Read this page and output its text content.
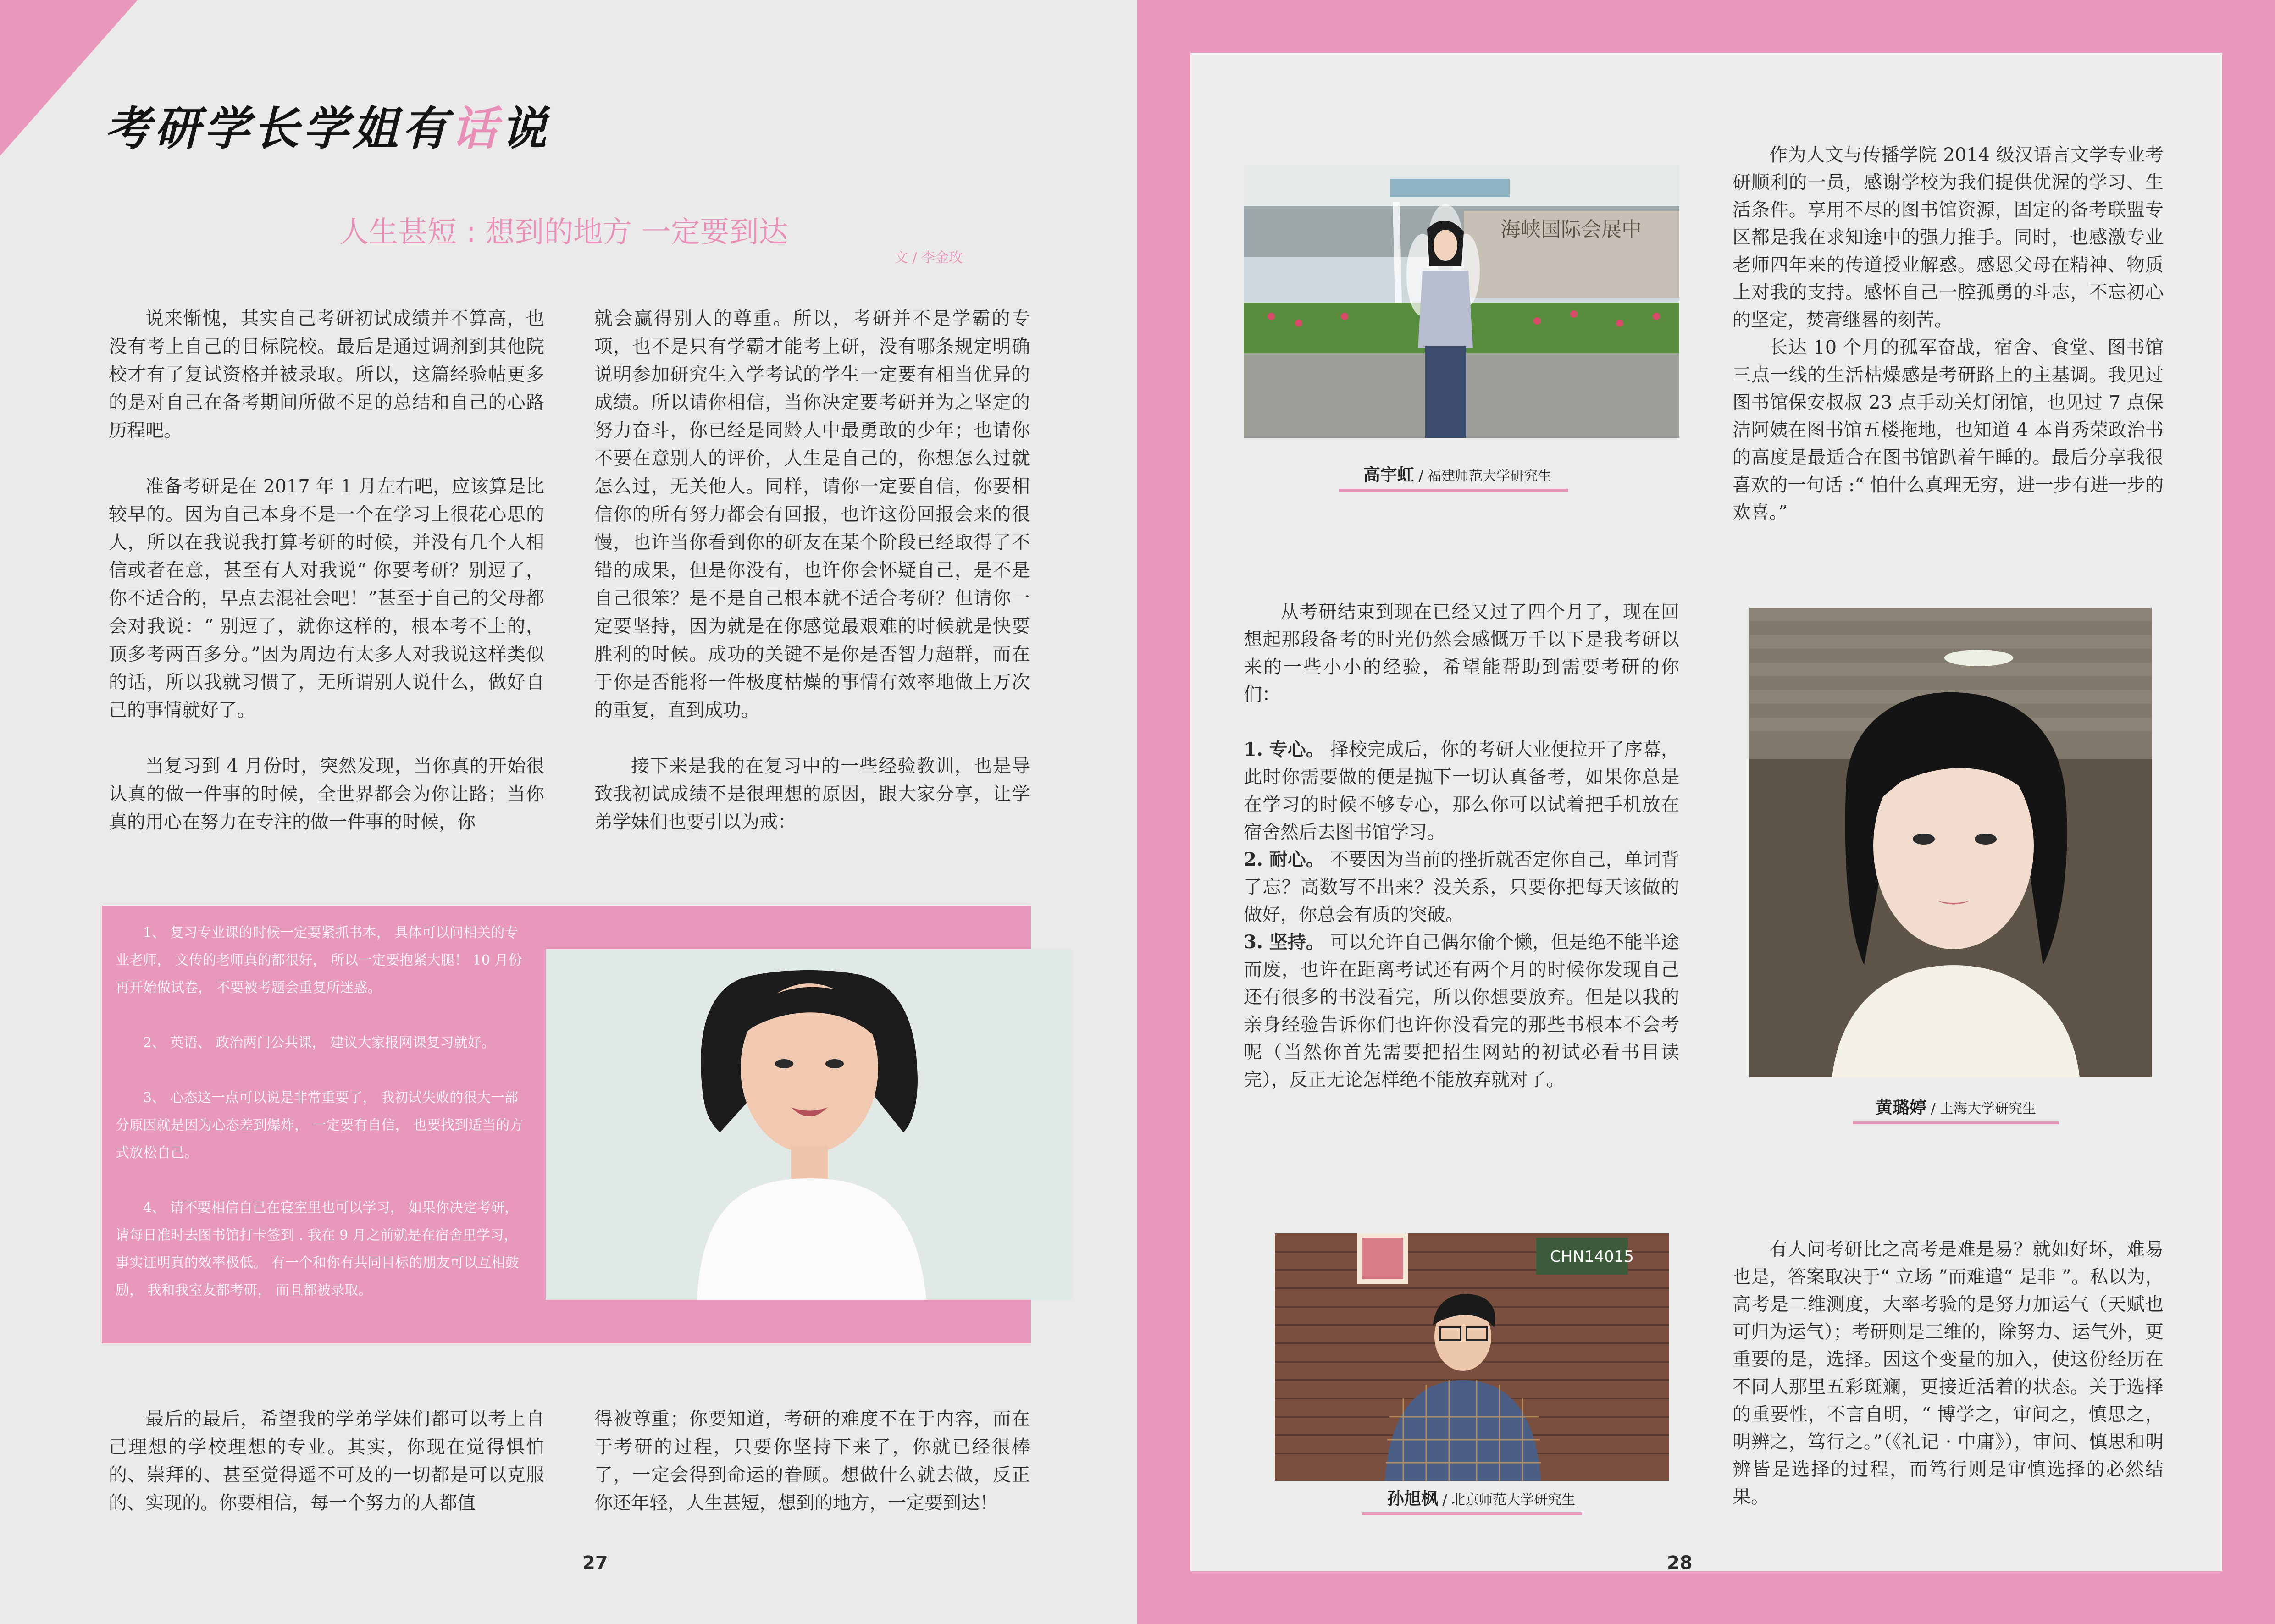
考研学长学姐有话说
人生甚短 : 想到的地方 一定要到达
文 / 李金玫

说来惭愧，其实自己考研初试成绩并不算高，也没有考上自己的目标院校。最后是通过调剂到其他院校才有了复试资格并被录取。所以，这篇经验帖更多的是对自己在备考期间所做不足的总结和自己的心路历程吧。

准备考研是在 2017 年 1 月左右吧，应该算是比较早的。因为自己本身不是一个在学习上很花心思的人，所以在我说我打算考研的时候，并没有几个人相信或者在意，甚至有人对我说“ 你要考研？别逗了，你不适合的，早点去混社会吧！”甚至于自己的父母都会对我说：“ 别逗了，就你这样的，根本考不上的，顶多考两百多分。”因为周边有太多人对我说这样类似的话，所以我就习惯了，无所谓别人说什么，做好自己的事情就好了。

当复习到 4 月份时，突然发现，当你真的开始很认真的做一件事的时候，全世界都会为你让路；当你真的用心在努力在专注的做一件事的时候，你

就会赢得别人的尊重。所以，考研并不是学霸的专项，也不是只有学霸才能考上研，没有哪条规定明确说明参加研究生入学考试的学生一定要有相当优异的成绩。所以请你相信，当你决定要考研并为之坚定的努力奋斗，你已经是同龄人中最勇敢的少年；也请你不要在意别人的评价，人生是自己的，你想怎么过就怎么过，无关他人。同样，请你一定要自信，你要相信你的所有努力都会有回报，也许这份回报会来的很慢，也许当你看到你的研友在某个阶段已经取得了不错的成果，但是你没有，也许你会怀疑自己，是不是自己很笨？是不是自己根本就不适合考研？但请你一定要坚持，因为就是在你感觉最艰难的时候就是快要胜利的时候。成功的关键不是你是否智力超群，而在于你是否能将一件极度枯燥的事情有效率地做上万次的重复，直到成功。

接下来是我的在复习中的一些经验教训，也是导致我初试成绩不是很理想的原因，跟大家分享，让学弟学妹们也要引以为戒：

1、 复习专业课的时候一定要紧抓书本， 具体可以问相关的专业老师， 文传的老师真的都很好， 所以一定要抱紧大腿！ 10 月份再开始做试卷， 不要被考题会重复所迷惑。

2、 英语、 政治两门公共课， 建议大家报网课复习就好。

3、 心态这一点可以说是非常重要了， 我初试失败的很大一部分原因就是因为心态差到爆炸， 一定要有自信， 也要找到适当的方式放松自己。

4、 请不要相信自己在寝室里也可以学习， 如果你决定考研， 请每日准时去图书馆打卡签到 . 我在 9 月之前就是在宿舍里学习， 事实证明真的效率极低。 有一个和你有共同目标的朋友可以互相鼓励， 我和我室友都考研， 而且都被录取。

最后的最后，希望我的学弟学妹们都可以考上自己理想的学校理想的专业。其实，你现在觉得惧怕的、崇拜的、甚至觉得遥不可及的一切都是可以克服的、实现的。你要相信，每一个努力的人都值

得被尊重；你要知道，考研的难度不在于内容，而在于考研的过程，只要你坚持下来了，你就已经很棒了，一定会得到命运的眷顾。想做什么就去做，反正你还年轻，人生甚短，想到的地方，一定要到达！

27
海峡国际会展中
高宇虹 / 福建师范大学研究生

作为人文与传播学院 2014 级汉语言文学专业考研顺利的一员，感谢学校为我们提供优渥的学习、生活条件。享用不尽的图书馆资源，固定的备考联盟专区都是我在求知途中的强力推手。同时，也感激专业老师四年来的传道授业解惑。感恩父母在精神、物质上对我的支持。感怀自己一腔孤勇的斗志，不忘初心的坚定，焚膏继晷的刻苦。

长达 10 个月的孤军奋战，宿舍、食堂、图书馆三点一线的生活枯燥感是考研路上的主基调。我见过图书馆保安叔叔 23 点手动关灯闭馆，也见过 7 点保洁阿姨在图书馆五楼拖地，也知道 4 本肖秀荣政治书的高度是最适合在图书馆趴着午睡的。最后分享我很喜欢的一句话 :“ 怕什么真理无穷，进一步有进一步的欢喜。”

黄璐婷 / 上海大学研究生

从考研结束到现在已经又过了四个月了，现在回想起那段备考的时光仍然会感慨万千以下是我考研以来的一些小小的经验，希望能帮助到需要考研的你们：

1. 专心。 择校完成后，你的考研大业便拉开了序幕，此时你需要做的便是抛下一切认真备考，如果你总是在学习的时候不够专心，那么你可以试着把手机放在宿舍然后去图书馆学习。

2. 耐心。 不要因为当前的挫折就否定你自己，单词背了忘？高数写不出来？没关系，只要你把每天该做的做好，你总会有质的突破。

3. 坚持。 可以允许自己偶尔偷个懒，但是绝不能半途而废，也许在距离考试还有两个月的时候你发现自己还有很多的书没看完，所以你想要放弃。但是以我的亲身经验告诉你们也许你没看完的那些书根本不会考呢（当然你首先需要把招生网站的初试必看书目读完），反正无论怎样绝不能放弃就对了。

CHN14015
孙旭枫 / 北京师范大学研究生

有人问考研比之高考是难是易？就如好坏，难易也是，答案取决于“ 立场 ”而难遣“ 是非 ”。私以为，高考是二维测度，大率考验的是努力加运气（天赋也可归为运气）；考研则是三维的，除努力、运气外，更重要的是，选择。因这个变量的加入，使这份经历在不同人那里五彩斑斓，更接近活着的状态。关于选择的重要性，不言自明，“ 博学之，审问之，慎思之，明辨之，笃行之。”（《礼记 · 中庸》），审问、慎思和明辨皆是选择的过程，而笃行则是审慎选择的必然结果。

28
